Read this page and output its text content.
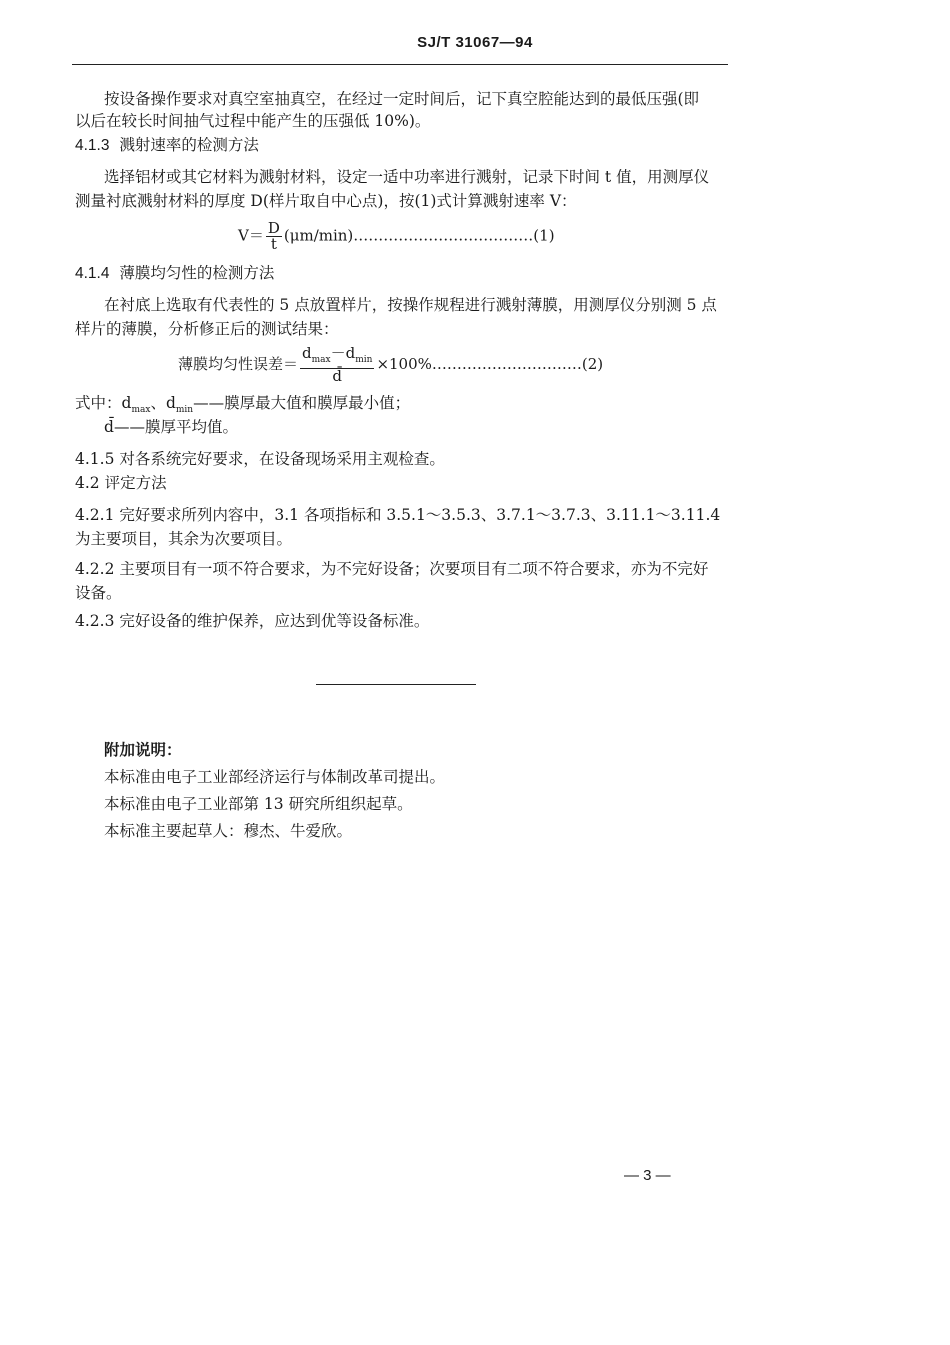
SJ/T 31067—94
按设备操作要求对真空室抽真空，在经过一定时间后，记下真空腔能达到的最低压强(即
以后在较长时间抽气过程中能产生的压强低 10%)。
4.1.3 溅射速率的检测方法
选择铝材或其它材料为溅射材料，设定一适中功率进行溅射，记录下时间 t 值，用测厚仪
测量衬底溅射材料的厚度 D(样片取自中心点)，按(1)式计算溅射速率 V：
$V= \frac{D}{t}$ (μm/min)………………………………(1)
4.1.4 薄膜均匀性的检测方法
在衬底上选取有代表性的 5 点放置样片，按操作规程进行溅射薄膜，用测厚仪分别测 5 点
样片的薄膜，分析修正后的测试结果：
薄膜均匀性误差＝ $\frac{d_{max}-d_{min}}{d̄}$ ×100%…………………………(2)
式中：$d_{max}$、$d_{min}——$膜厚最大值和膜厚最小值；
d̄——膜厚平均值。
4.1.5 对各系统完好要求，在设备现场采用主观检查。
4.2 评定方法
4.2.1 完好要求所列内容中，3.1 各项指标和 3.5.1～3.5.3、3.7.1～3.7.3、3.11.1～3.11.4
为主要项目，其余为次要项目。
4.2.2 主要项目有一项不符合要求，为不完好设备；次要项目有二项不符合要求，亦为不完好
设备。
4.2.3 完好设备的维护保养，应达到优等设备标准。
附加说明：
本标准由电子工业部经济运行与体制改革司提出。
本标准由电子工业部第 13 研究所组织起草。
本标准主要起草人：穆杰、牛爱欣。
— 3 —
